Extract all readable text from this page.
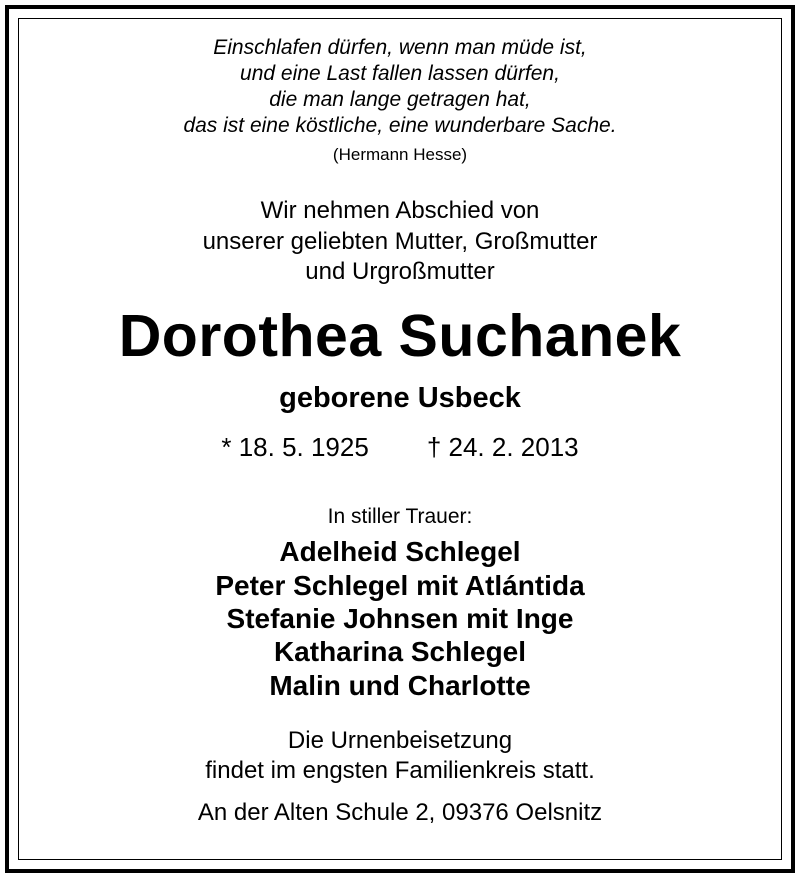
Einschlafen dürfen, wenn man müde ist,
und eine Last fallen lassen dürfen,
die man lange getragen hat,
das ist eine köstliche, eine wunderbare Sache.
(Hermann Hesse)
Wir nehmen Abschied von
unserer geliebten Mutter, Großmutter
und Urgroßmutter
Dorothea Suchanek
geborene Usbeck
* 18. 5. 1925 † 24. 2. 2013
In stiller Trauer:
Adelheid Schlegel
Peter Schlegel mit Atlántida
Stefanie Johnsen mit Inge
Katharina Schlegel
Malin und Charlotte
Die Urnenbeisetzung
findet im engsten Familienkreis statt.
An der Alten Schule 2, 09376 Oelsnitz
